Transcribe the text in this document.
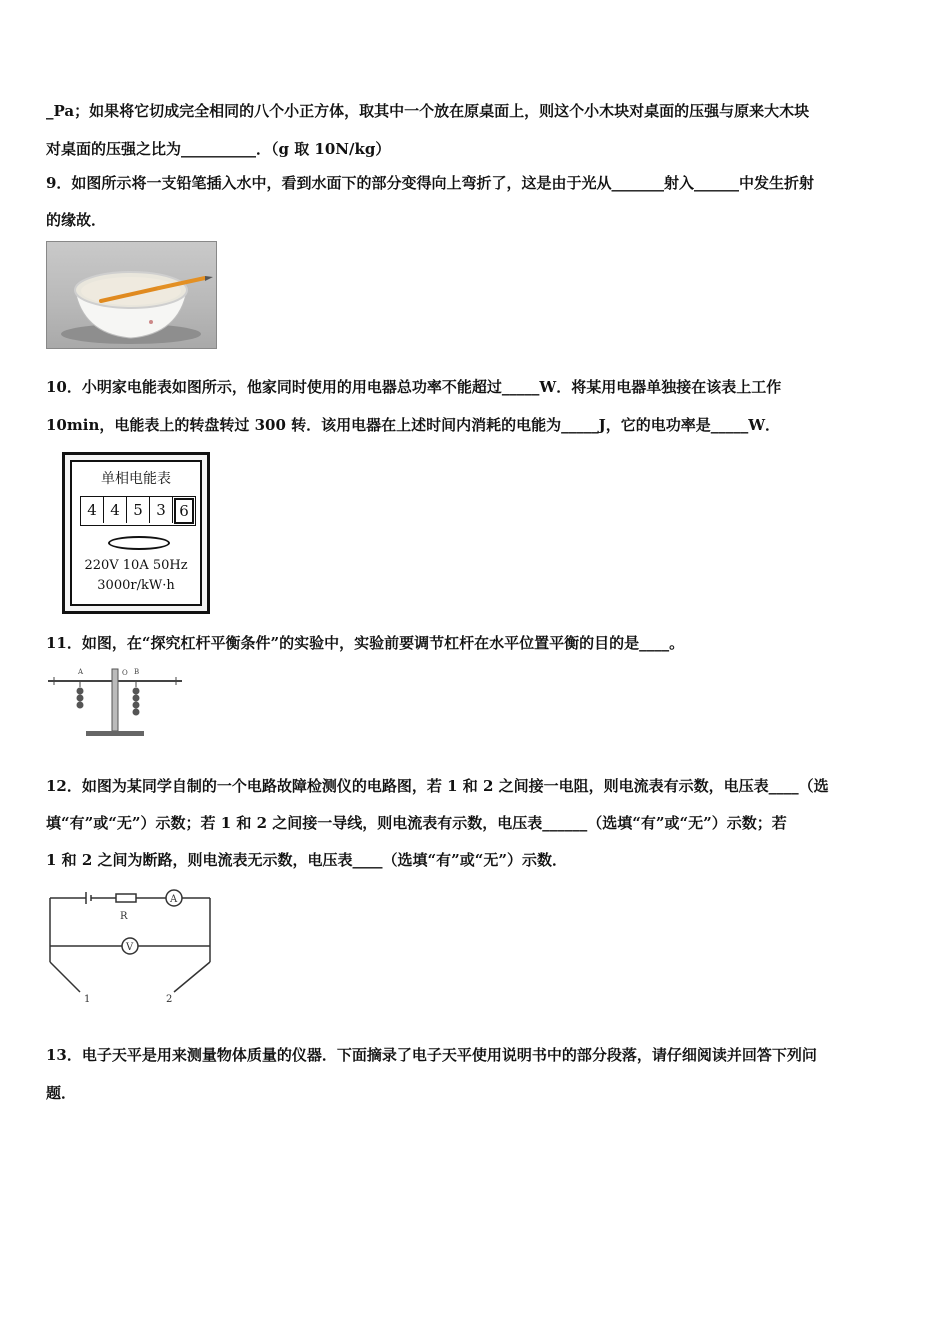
_Pa；如果将它切成完全相同的八个小正方体，取其中一个放在原桌面上，则这个小木块对桌面的压强与原来大木块
对桌面的压强之比为__________．（g 取 10N/kg）
9．如图所示将一支铅笔插入水中，看到水面下的部分变得向上弯折了，这是由于光从_______射入______中发生折射
的缘故．
10．小明家电能表如图所示，他家同时使用的用电器总功率不能超过_____W．将某用电器单独接在该表上工作
10min，电能表上的转盘转过 300 转．该用电器在上述时间内消耗的电能为_____J，它的电功率是_____W．
单相电能表
4 4 5 3 6
220V 10A 50Hz
3000r/kW·h
11．如图，在“探究杠杆平衡条件”的实验中，实验前要调节杠杆在水平位置平衡的目的是____。
A	O B
12．如图为某同学自制的一个电路故障检测仪的电路图，若 1 和 2 之间接一电阻，则电流表有示数，电压表____（选
填“有”或“无”）示数；若 1 和 2 之间接一导线，则电流表有示数，电压表______（选填“有”或“无”）示数；若
1 和 2 之间为断路，则电流表无示数，电压表____（选填“有”或“无”）示数．
A
V
R
1	2
13．电子天平是用来测量物体质量的仪器．下面摘录了电子天平使用说明书中的部分段落，请仔细阅读并回答下列问
题．
